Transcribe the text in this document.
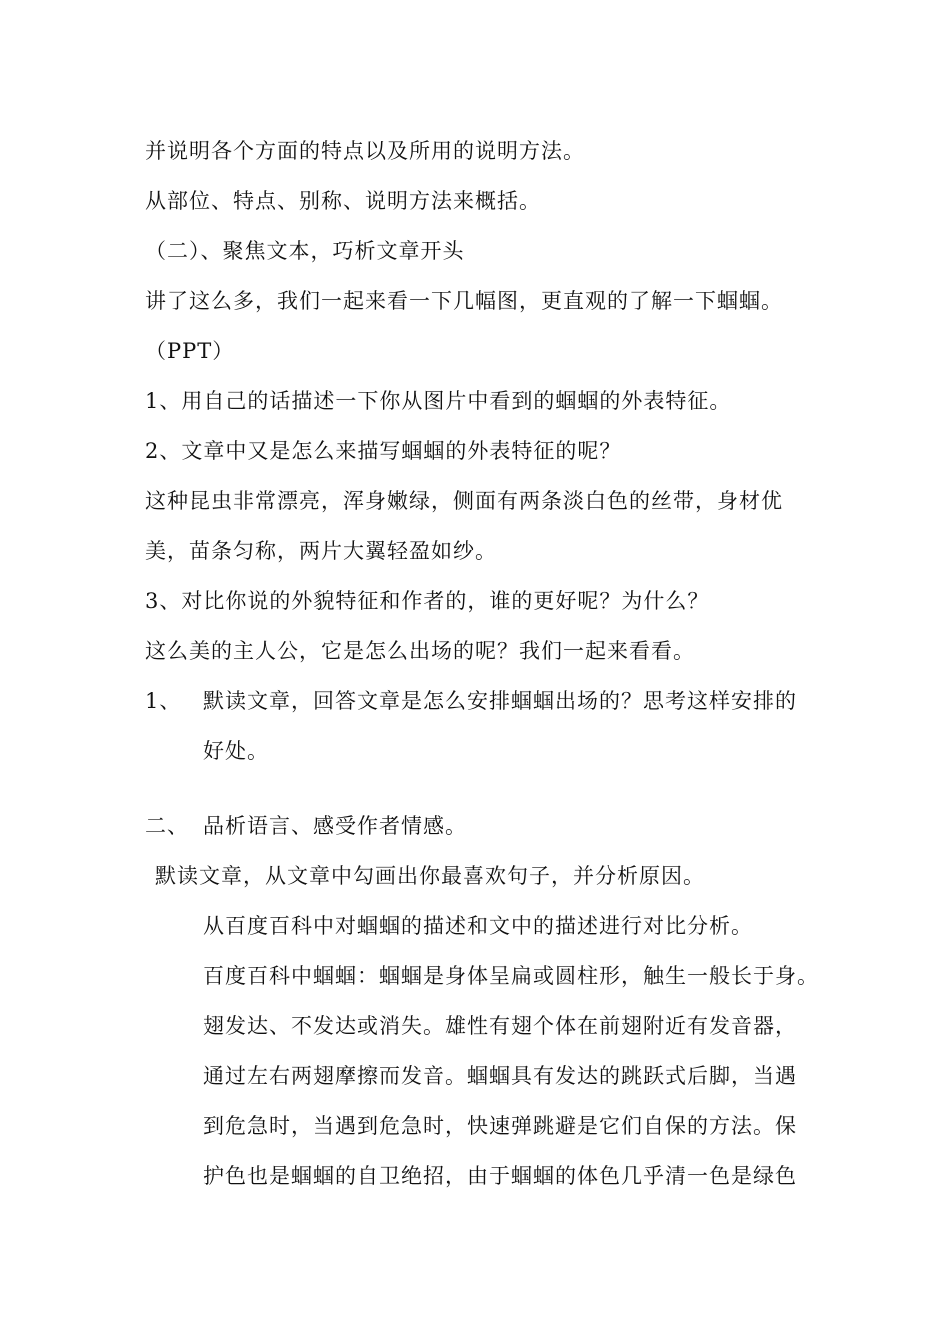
并说明各个方面的特点以及所用的说明方法。
从部位、特点、别称、说明方法来概括。
（二）、聚焦文本，巧析文章开头
讲了这么多，我们一起来看一下几幅图，更直观的了解一下蝈蝈。
（PPT）
1、用自己的话描述一下你从图片中看到的蝈蝈的外表特征。
2、文章中又是怎么来描写蝈蝈的外表特征的呢？
这种昆虫非常漂亮，浑身嫩绿，侧面有两条淡白色的丝带，身材优
美，苗条匀称，两片大翼轻盈如纱。
3、对比你说的外貌特征和作者的，谁的更好呢？为什么？
这么美的主人公，它是怎么出场的呢？我们一起来看看。
1、 默读文章，回答文章是怎么安排蝈蝈出场的？思考这样安排的
好处。
二、 品析语言、感受作者情感。
默读文章，从文章中勾画出你最喜欢句子，并分析原因。
从百度百科中对蝈蝈的描述和文中的描述进行对比分析。
百度百科中蝈蝈：蝈蝈是身体呈扁或圆柱形，触生一般长于身。
翅发达、不发达或消失。雄性有翅个体在前翅附近有发音器，
通过左右两翅摩擦而发音。蝈蝈具有发达的跳跃式后脚，当遇
到危急时，当遇到危急时，快速弹跳避是它们自保的方法。保
护色也是蝈蝈的自卫绝招，由于蝈蝈的体色几乎清一色是绿色
